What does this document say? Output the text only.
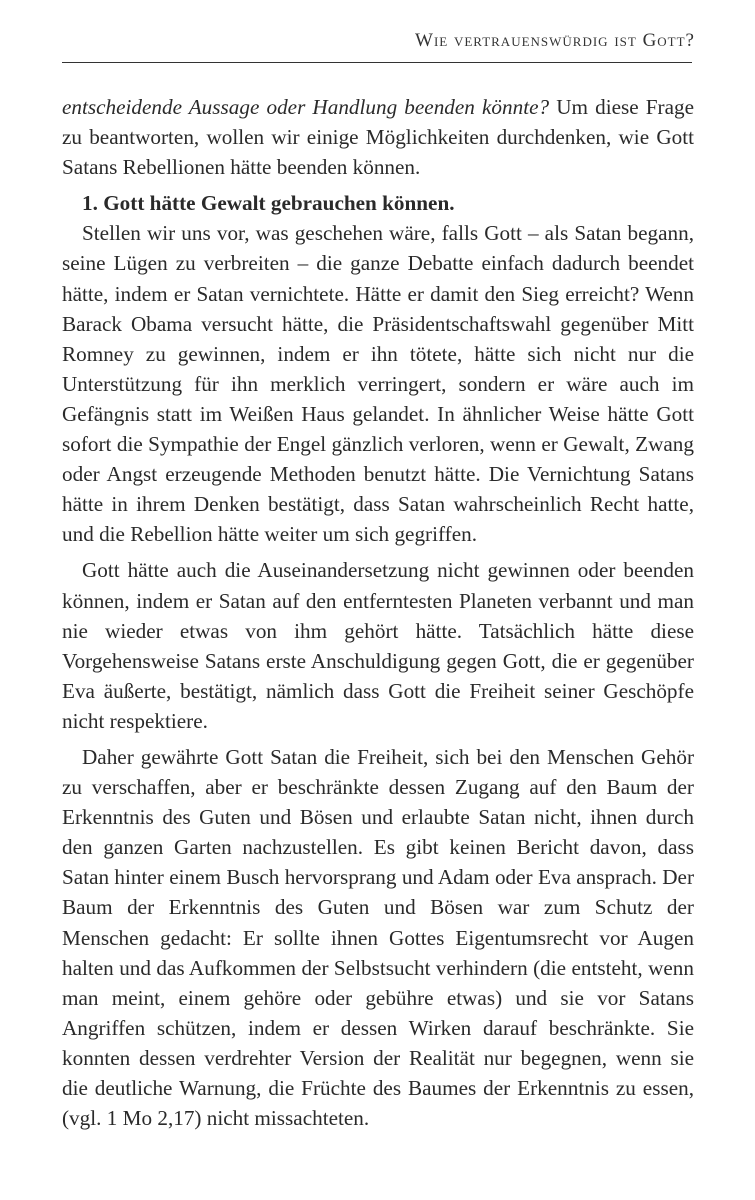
Wie vertrauenswürdig ist Gott?

entscheidende Aussage oder Handlung beenden könnte? Um diese Frage zu beantworten, wollen wir einige Möglichkeiten durchdenken, wie Gott Satans Rebellionen hätte beenden können.

1. Gott hätte Gewalt gebrauchen können.

Stellen wir uns vor, was geschehen wäre, falls Gott – als Satan begann, seine Lügen zu verbreiten – die ganze Debatte einfach dadurch beendet hätte, indem er Satan vernichtete. Hätte er damit den Sieg erreicht? Wenn Barack Obama versucht hätte, die Präsidentschaftswahl gegenüber Mitt Romney zu gewinnen, indem er ihn tötete, hätte sich nicht nur die Unterstützung für ihn merklich verringert, sondern er wäre auch im Gefängnis statt im Weißen Haus gelandet. In ähnlicher Weise hätte Gott sofort die Sympathie der Engel gänzlich verloren, wenn er Gewalt, Zwang oder Angst erzeugende Methoden benutzt hätte. Die Vernichtung Satans hätte in ihrem Denken bestätigt, dass Satan wahrscheinlich Recht hatte, und die Rebellion hätte weiter um sich gegriffen.

Gott hätte auch die Auseinandersetzung nicht gewinnen oder beenden können, indem er Satan auf den entferntesten Planeten verbannt und man nie wieder etwas von ihm gehört hätte. Tatsächlich hätte diese Vorgehensweise Satans erste Anschuldigung gegen Gott, die er gegenüber Eva äußerte, bestätigt, nämlich dass Gott die Freiheit seiner Geschöpfe nicht respektiere.

Daher gewährte Gott Satan die Freiheit, sich bei den Menschen Gehör zu verschaffen, aber er beschränkte dessen Zugang auf den Baum der Erkenntnis des Guten und Bösen und erlaubte Satan nicht, ihnen durch den ganzen Garten nachzustellen. Es gibt keinen Bericht davon, dass Satan hinter einem Busch hervorsprang und Adam oder Eva ansprach. Der Baum der Erkenntnis des Guten und Bösen war zum Schutz der Menschen gedacht: Er sollte ihnen Gottes Eigentumsrecht vor Augen halten und das Aufkommen der Selbstsucht verhindern (die entsteht, wenn man meint, einem gehöre oder gebühre etwas) und sie vor Satans Angriffen schützen, indem er dessen Wirken darauf beschränkte. Sie konnten dessen verdrehter Version der Realität nur begegnen, wenn sie die deutliche Warnung, die Früchte des Baumes der Erkenntnis zu essen, (vgl. 1 Mo 2,17) nicht missachteten.
